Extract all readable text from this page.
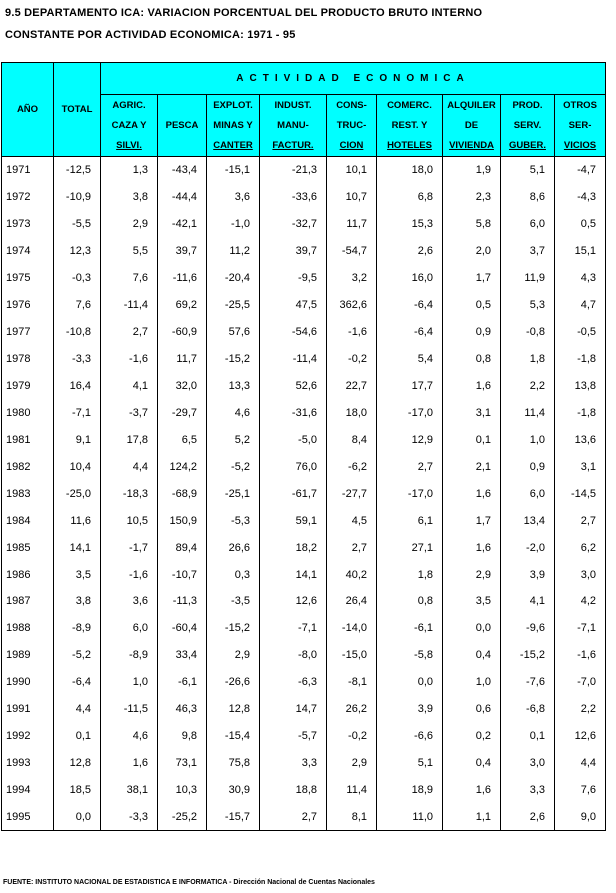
9.5 DEPARTAMENTO ICA: VARIACION PORCENTUAL DEL PRODUCTO BRUTO INTERNO
CONSTANTE POR ACTIVIDAD ECONOMICA: 1971 - 95
AÑO	TOTAL	ACTIVIDAD ECONOMICA								

		AGRIC.
CAZA Y
SILVI.	PESCA	EXPLOT.
MINAS Y
CANTER	INDUST.
MANU-
FACTUR.	CONS-
TRUC-
CION	COMERC.
REST. Y
HOTELES	ALQUILER
DE
VIVIENDA	PROD.
SERV.
GUBER.	OTROS
SER-
VICIOS

1971	-12,5	1,3	-43,4	-15,1	-21,3	10,1	18,0	1,9	5,1	-4,7
1972	-10,9	3,8	-44,4	3,6	-33,6	10,7	6,8	2,3	8,6	-4,3
1973	-5,5	2,9	-42,1	-1,0	-32,7	11,7	15,3	5,8	6,0	0,5
1974	12,3	5,5	39,7	11,2	39,7	-54,7	2,6	2,0	3,7	15,1
1975	-0,3	7,6	-11,6	-20,4	-9,5	3,2	16,0	1,7	11,9	4,3
1976	7,6	-11,4	69,2	-25,5	47,5	362,6	-6,4	0,5	5,3	4,7
1977	-10,8	2,7	-60,9	57,6	-54,6	-1,6	-6,4	0,9	-0,8	-0,5
1978	-3,3	-1,6	11,7	-15,2	-11,4	-0,2	5,4	0,8	1,8	-1,8
1979	16,4	4,1	32,0	13,3	52,6	22,7	17,7	1,6	2,2	13,8
1980	-7,1	-3,7	-29,7	4,6	-31,6	18,0	-17,0	3,1	11,4	-1,8
1981	9,1	17,8	6,5	5,2	-5,0	8,4	12,9	0,1	1,0	13,6
1982	10,4	4,4	124,2	-5,2	76,0	-6,2	2,7	2,1	0,9	3,1
1983	-25,0	-18,3	-68,9	-25,1	-61,7	-27,7	-17,0	1,6	6,0	-14,5
1984	11,6	10,5	150,9	-5,3	59,1	4,5	6,1	1,7	13,4	2,7
1985	14,1	-1,7	89,4	26,6	18,2	2,7	27,1	1,6	-2,0	6,2
1986	3,5	-1,6	-10,7	0,3	14,1	40,2	1,8	2,9	3,9	3,0
1987	3,8	3,6	-11,3	-3,5	12,6	26,4	0,8	3,5	4,1	4,2
1988	-8,9	6,0	-60,4	-15,2	-7,1	-14,0	-6,1	0,0	-9,6	-7,1
1989	-5,2	-8,9	33,4	2,9	-8,0	-15,0	-5,8	0,4	-15,2	-1,6
1990	-6,4	1,0	-6,1	-26,6	-6,3	-8,1	0,0	1,0	-7,6	-7,0
1991	4,4	-11,5	46,3	12,8	14,7	26,2	3,9	0,6	-6,8	2,2
1992	0,1	4,6	9,8	-15,4	-5,7	-0,2	-6,6	0,2	0,1	12,6
1993	12,8	1,6	73,1	75,8	3,3	2,9	5,1	0,4	3,0	4,4
1994	18,5	38,1	10,3	30,9	18,8	11,4	18,9	1,6	3,3	7,6
1995	0,0	-3,3	-25,2	-15,7	2,7	8,1	11,0	1,1	2,6	9,0
FUENTE: INSTITUTO NACIONAL DE ESTADISTICA E INFORMATICA - Dirección Nacional de Cuentas Nacionales
